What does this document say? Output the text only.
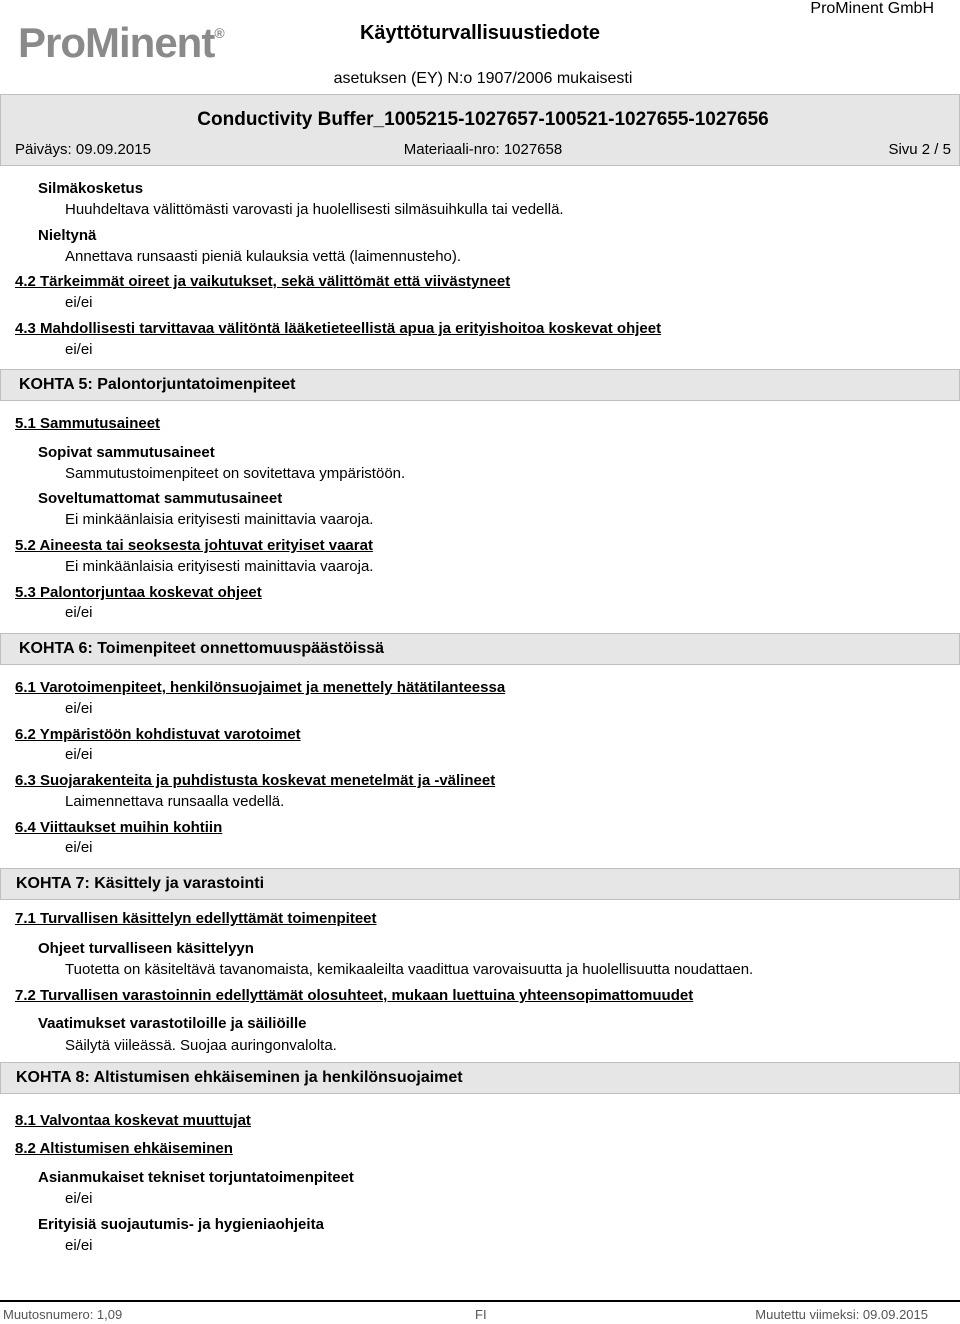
ProMinent®
ProMinent GmbH
Käyttöturvallisuustiedote
asetuksen (EY) N:o 1907/2006 mukaisesti
Conductivity Buffer_1005215-1027657-100521-1027655-1027656
Päiväys: 09.09.2015	Materiaali-nro: 1027658	Sivu 2 / 5
Silmäkosketus
Huuhdeltava välittömästi varovasti ja huolellisesti silmäsuihkulla tai vedellä.
Nieltynä
Annettava runsaasti pieniä kulauksia vettä (laimennusteho).
4.2 Tärkeimmät oireet ja vaikutukset, sekä välittömät että viivästyneet
ei/ei
4.3 Mahdollisesti tarvittavaa välitöntä lääketieteellistä apua ja erityishoitoa koskevat ohjeet
ei/ei
KOHTA 5: Palontorjuntatoimenpiteet
5.1 Sammutusaineet
Sopivat sammutusaineet
Sammutustoimenpiteet on sovitettava ympäristöön.
Soveltumattomat sammutusaineet
Ei minkäänlaisia erityisesti mainittavia vaaroja.
5.2 Aineesta tai seoksesta johtuvat erityiset vaarat
Ei minkäänlaisia erityisesti mainittavia vaaroja.
5.3 Palontorjuntaa koskevat ohjeet
ei/ei
KOHTA 6: Toimenpiteet onnettomuuspäästöissä
6.1 Varotoimenpiteet, henkilönsuojaimet ja menettely hätätilanteessa
ei/ei
6.2 Ympäristöön kohdistuvat varotoimet
ei/ei
6.3 Suojarakenteita ja puhdistusta koskevat menetelmät ja -välineet
Laimennettava runsaalla vedellä.
6.4 Viittaukset muihin kohtiin
ei/ei
KOHTA 7: Käsittely ja varastointi
7.1 Turvallisen käsittelyn edellyttämät toimenpiteet
Ohjeet turvalliseen käsittelyyn
Tuotetta on käsiteltävä tavanomaista, kemikaaleilta vaadittua varovaisuutta ja huolellisuutta noudattaen.
7.2 Turvallisen varastoinnin edellyttämät olosuhteet, mukaan luettuina yhteensopimattomuudet
Vaatimukset varastotiloille ja säiliöille
Säilytä viileässä. Suojaa auringonvalolta.
KOHTA 8: Altistumisen ehkäiseminen ja henkilönsuojaimet
8.1 Valvontaa koskevat muuttujat
8.2 Altistumisen ehkäiseminen
Asianmukaiset tekniset torjuntatoimenpiteet
ei/ei
Erityisiä suojautumis- ja hygieniaohjeita
ei/ei
Muutosnumero: 1,09	FI	Muutettu viimeksi: 09.09.2015
